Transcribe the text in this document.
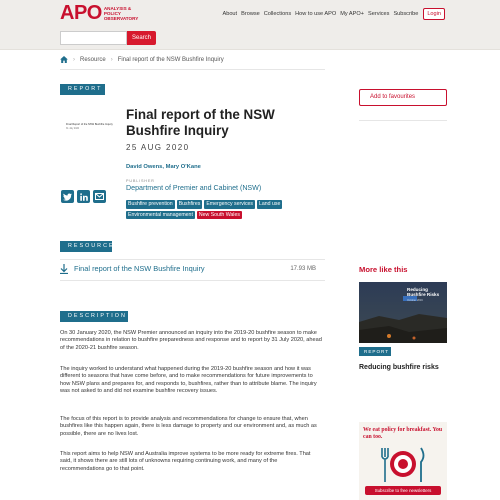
APO ANALYSIS & POLICY OBSERVATORY
About Browse Collections How to use APO My APO+ Services Subscribe	Login
Search
› Resource › Final report of the NSW Bushfire Inquiry
REPORT
Final Report of the NSW Bushfire Inquiry
31 July 2020
Final report of the NSW Bushfire Inquiry
25 AUG 2020
David Owens, Mary O'Kane
PUBLISHER
Department of Premier and Cabinet (NSW)
Bushfire prevention	Bushfires	Emergency services	Land use
Environmental management	New South Wales
RESOURCES
Final report of the NSW Bushfire Inquiry	17.93 MB
DESCRIPTION
On 30 January 2020, the NSW Premier announced an inquiry into the 2019-20 bushfire season to make recommendations in relation to bushfire preparedness and response and to report by 31 July 2020, ahead of the 2020-21 bushfire season.
The inquiry worked to understand what happened during the 2019-20 bushfire season and how it was different to seasons that have come before, and to make recommendations for future improvements to how NSW plans and prepares for, and responds to, bushfires, rather than to attribute blame. The inquiry was not asked to and did not examine bushfire recovery issues.
The focus of this report is to provide analysis and recommendations for change to ensure that, when bushfires like this happen again, there is less damage to property and our environment and, as much as possible, there are no lives lost.
This report aims to help NSW and Australia improve systems to be more ready for extreme fires. That said, it shows there are still lots of unknowns requiring continuing work, and many of the recommendations go to that point.
Add to favourites
More like this
Reducing Bushfire Risks
October 2019
REPORT
Reducing bushfire risks
We eat policy for breakfast. You can too.
Subscribe to free newsletters
